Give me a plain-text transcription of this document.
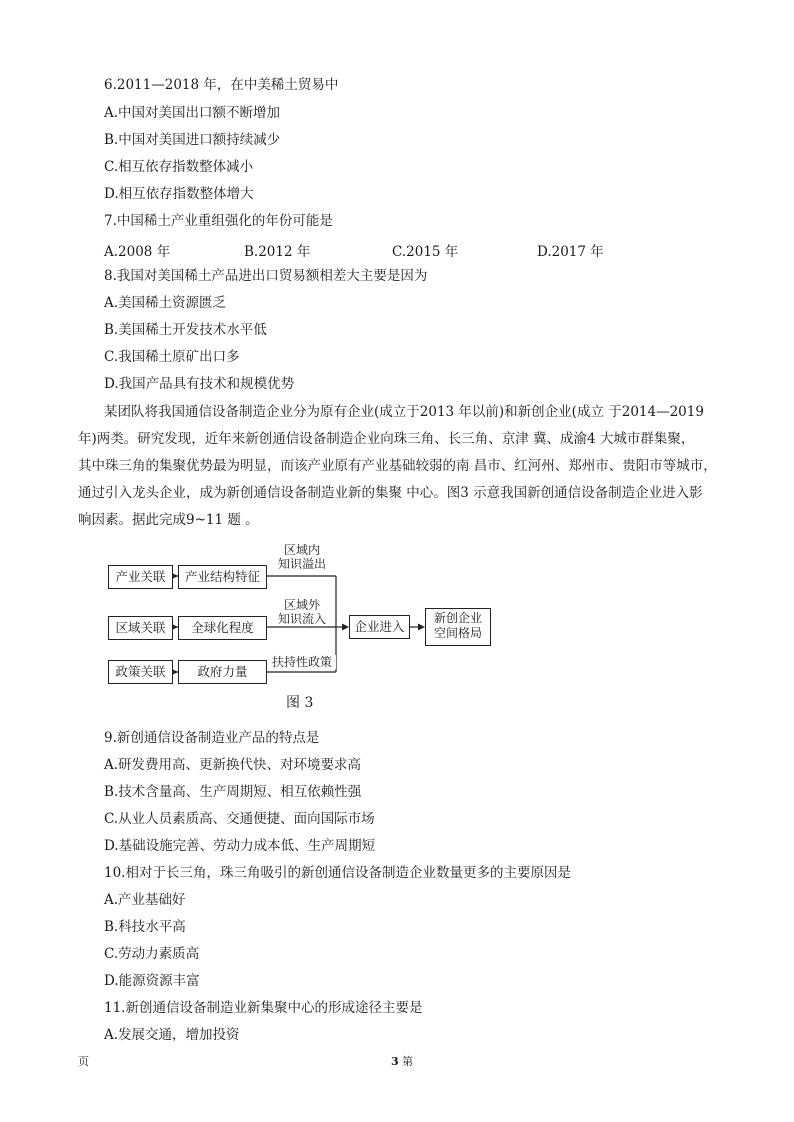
6.2011—2018 年，在中美稀土贸易中
A.中国对美国出口额不断增加
B.中国对美国进口额持续减少
C.相互依存指数整体减小
D.相互依存指数整体增大
7.中国稀土产业重组强化的年份可能是
A.2008 年	B.2012 年	C.2015 年	D.2017 年
8.我国对美国稀土产品进出口贸易额相差大主要是因为
A.美国稀土资源匮乏
B.美国稀土开发技术水平低
C.我国稀土原矿出口多
D.我国产品具有技术和规模优势
某团队将我国通信设备制造企业分为原有企业(成立于2013 年以前)和新创企业(成立 于2014—2019
年)两类。研究发现，近年来新创通信设备制造企业向珠三角、长三角、京津 冀、成渝4 大城市群集聚，
其中珠三角的集聚优势最为明显，而该产业原有产业基础较弱的南 昌市、红河州、郑州市、贵阳市等城市，
通过引入龙头企业，成为新创通信设备制造业新的集聚 中心。图3 示意我国新创通信设备制造企业进入影
响因素。据此完成9~11 题 。
产业关联
区域关联
政策关联
产业结构特征
全球化程度
政府力量
区域内
知识溢出
区域外
知识流入
扶持性政策
企业进入
新创企业
空间格局
图 3
9.新创通信设备制造业产品的特点是
A.研发费用高、更新换代快、对环境要求高
B.技术含量高、生产周期短、相互依赖性强
C.从业人员素质高、交通便捷、面向国际市场
D.基础设施完善、劳动力成本低、生产周期短
10.相对于长三角，珠三角吸引的新创通信设备制造企业数量更多的主要原因是
A.产业基础好
B.科技水平高
C.劳动力素质高
D.能源资源丰富
11.新创通信设备制造业新集聚中心的形成途径主要是
A.发展交通，增加投资
页	3 第
